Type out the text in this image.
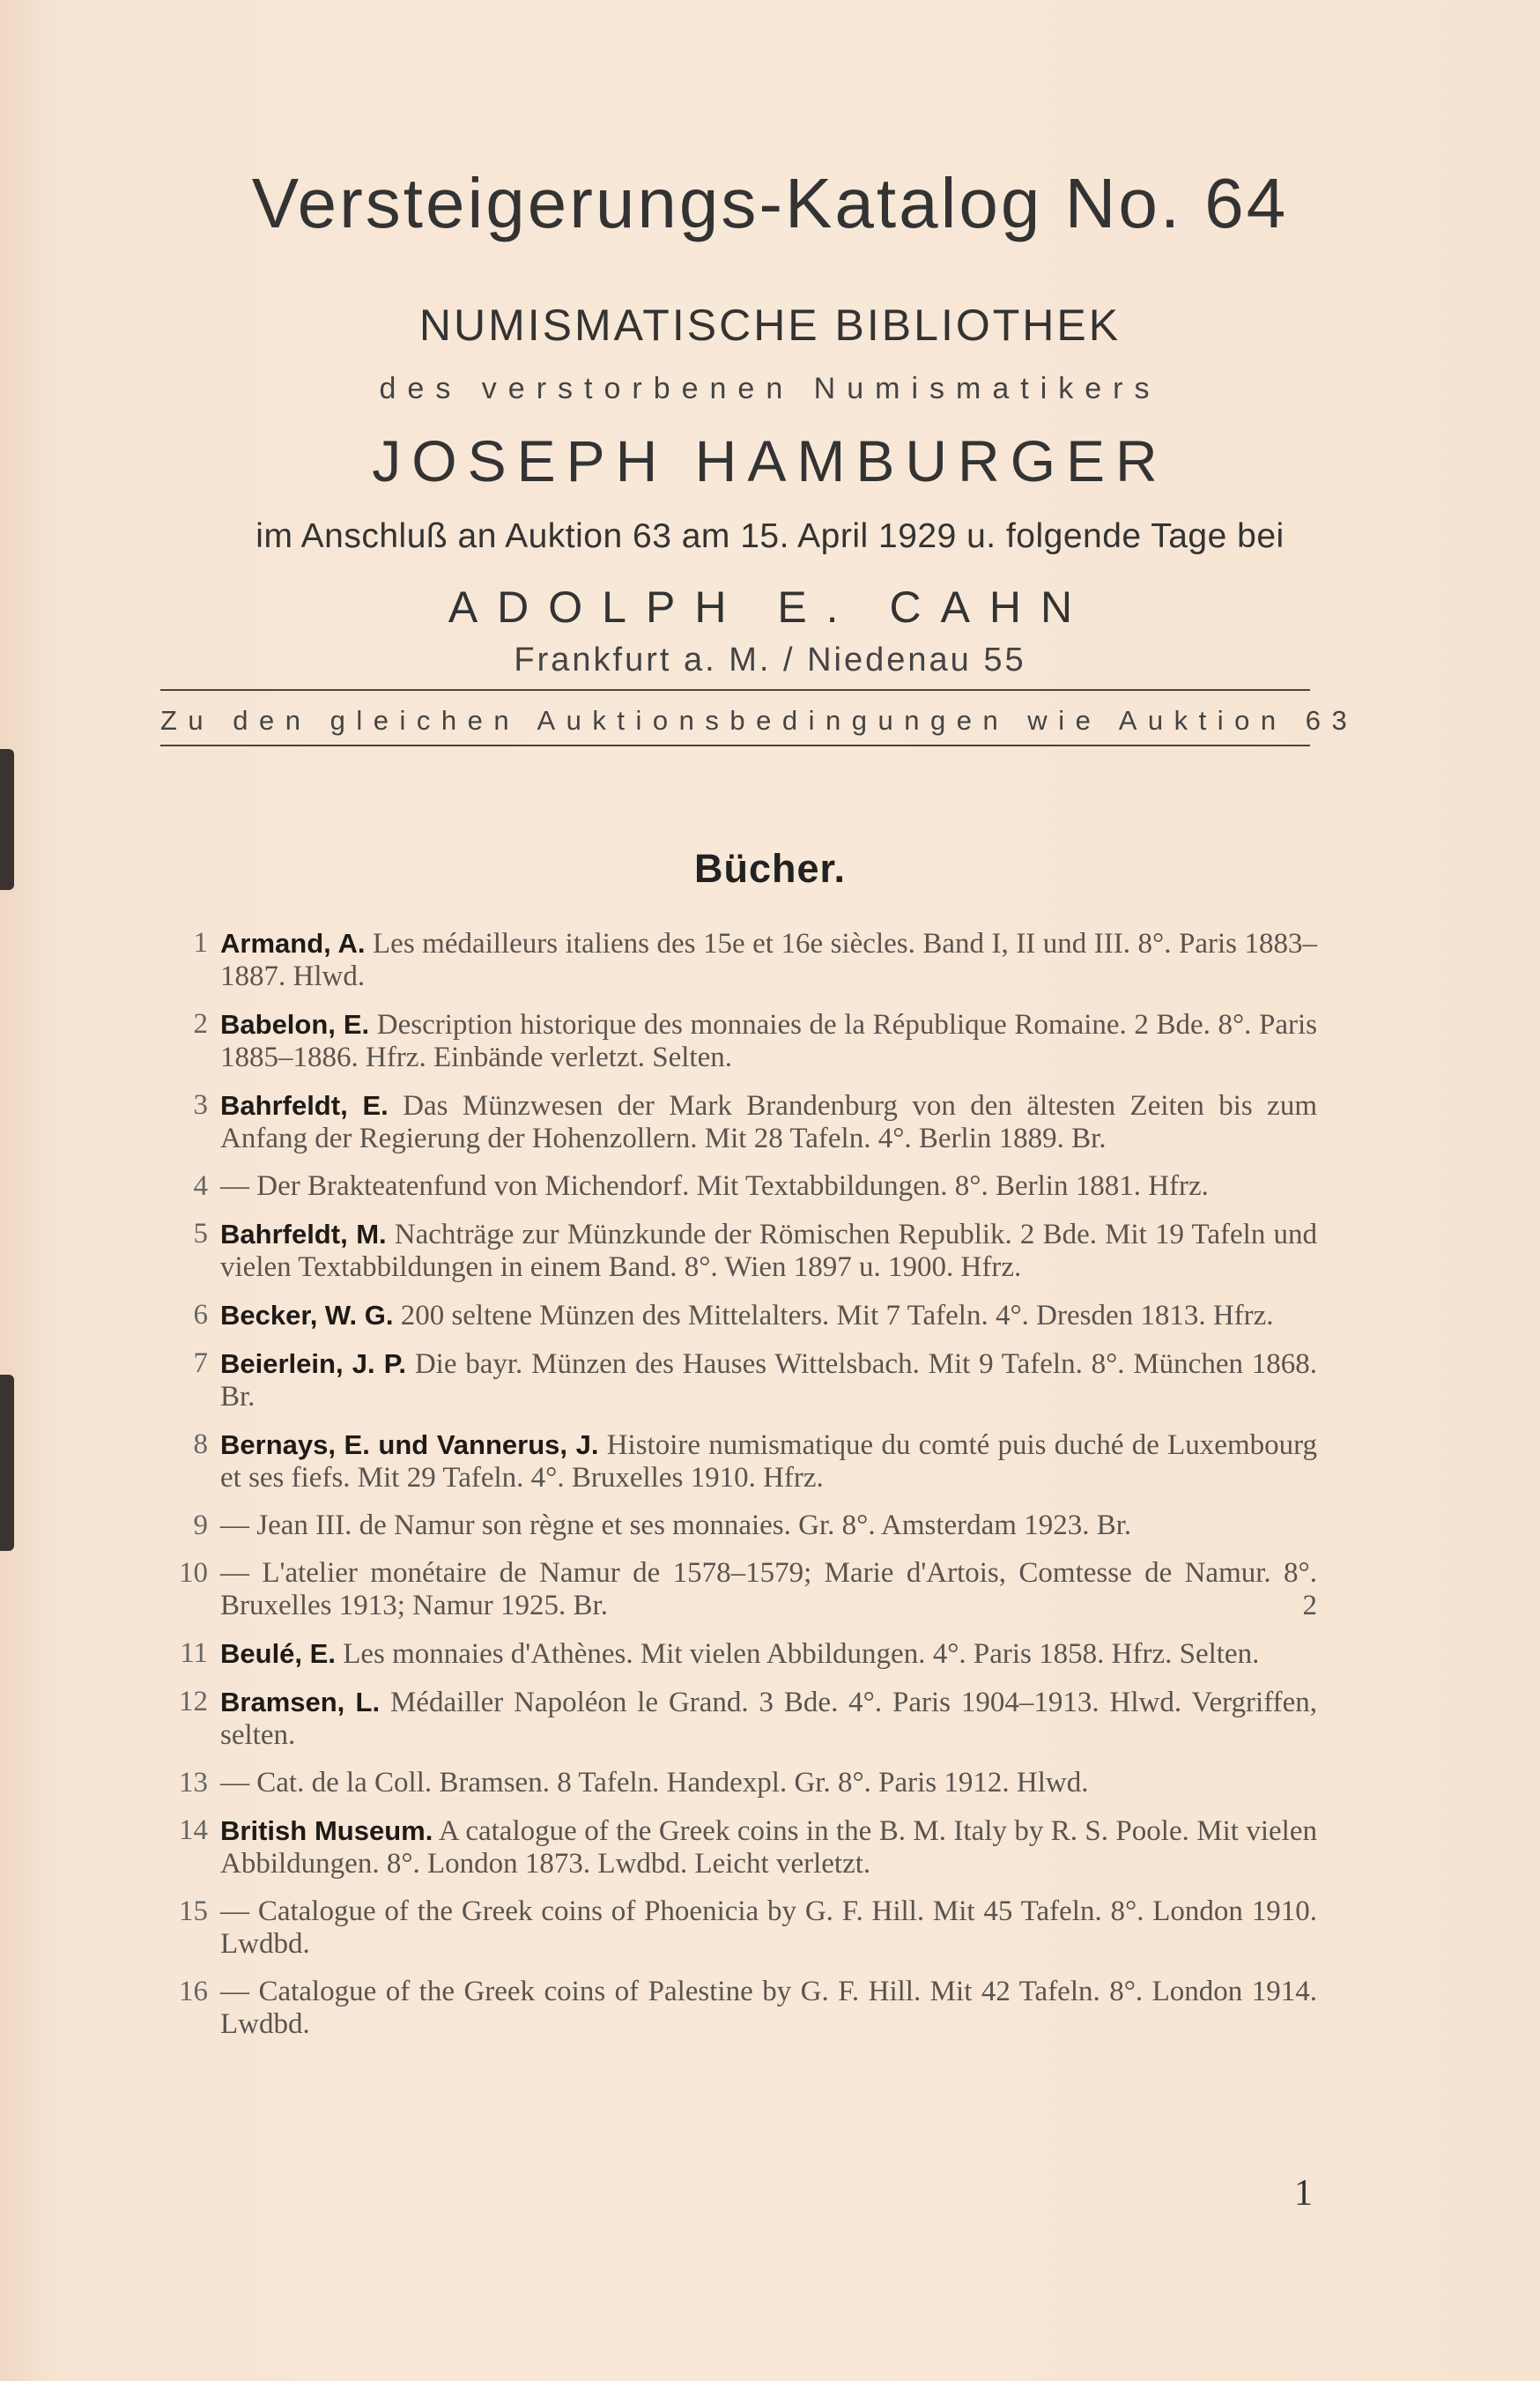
Versteigerungs-Katalog No. 64
NUMISMATISCHE BIBLIOTHEK
des verstorbenen Numismatikers
JOSEPH HAMBURGER
im Anschluß an Auktion 63 am 15. April 1929 u. folgende Tage bei
ADOLPH E. CAHN
Frankfurt a. M. / Niedenau 55
Zu den gleichen Auktionsbedingungen wie Auktion 63
Bücher.
1 Armand, A. Les médailleurs italiens des 15e et 16e siècles. Band I, II und III. 8°. Paris 1883–1887. Hlwd.
2 Babelon, E. Description historique des monnaies de la République Romaine. 2 Bde. 8°. Paris 1885–1886. Hfrz. Einbände verletzt. Selten.
3 Bahrfeldt, E. Das Münzwesen der Mark Brandenburg von den ältesten Zeiten bis zum Anfang der Regierung der Hohenzollern. Mit 28 Tafeln. 4°. Berlin 1889. Br.
4 — Der Brakteatenfund von Michendorf. Mit Textabbildungen. 8°. Berlin 1881. Hfrz.
5 Bahrfeldt, M. Nachträge zur Münzkunde der Römischen Republik. 2 Bde. Mit 19 Tafeln und vielen Textabbildungen in einem Band. 8°. Wien 1897 u. 1900. Hfrz.
6 Becker, W. G. 200 seltene Münzen des Mittelalters. Mit 7 Tafeln. 4°. Dresden 1813. Hfrz.
7 Beierlein, J. P. Die bayr. Münzen des Hauses Wittelsbach. Mit 9 Tafeln. 8°. München 1868. Br.
8 Bernays, E. und Vannerus, J. Histoire numismatique du comté puis duché de Luxembourg et ses fiefs. Mit 29 Tafeln. 4°. Bruxelles 1910. Hfrz.
9 — Jean III. de Namur son règne et ses monnaies. Gr. 8°. Amsterdam 1923. Br.
10 — L'atelier monétaire de Namur de 1578–1579; Marie d'Artois, Comtesse de Namur. 8°. Bruxelles 1913; Namur 1925. Br.	2
11 Beulé, E. Les monnaies d'Athènes. Mit vielen Abbildungen. 4°. Paris 1858. Hfrz. Selten.
12 Bramsen, L. Médailler Napoléon le Grand. 3 Bde. 4°. Paris 1904–1913. Hlwd. Vergriffen, selten.
13 — Cat. de la Coll. Bramsen. 8 Tafeln. Handexpl. Gr. 8°. Paris 1912. Hlwd.
14 British Museum. A catalogue of the Greek coins in the B. M. Italy by R. S. Poole. Mit vielen Abbildungen. 8°. London 1873. Lwdbd. Leicht verletzt.
15 — Catalogue of the Greek coins of Phoenicia by G. F. Hill. Mit 45 Tafeln. 8°. London 1910. Lwdbd.
16 — Catalogue of the Greek coins of Palestine by G. F. Hill. Mit 42 Tafeln. 8°. London 1914. Lwdbd.
1
